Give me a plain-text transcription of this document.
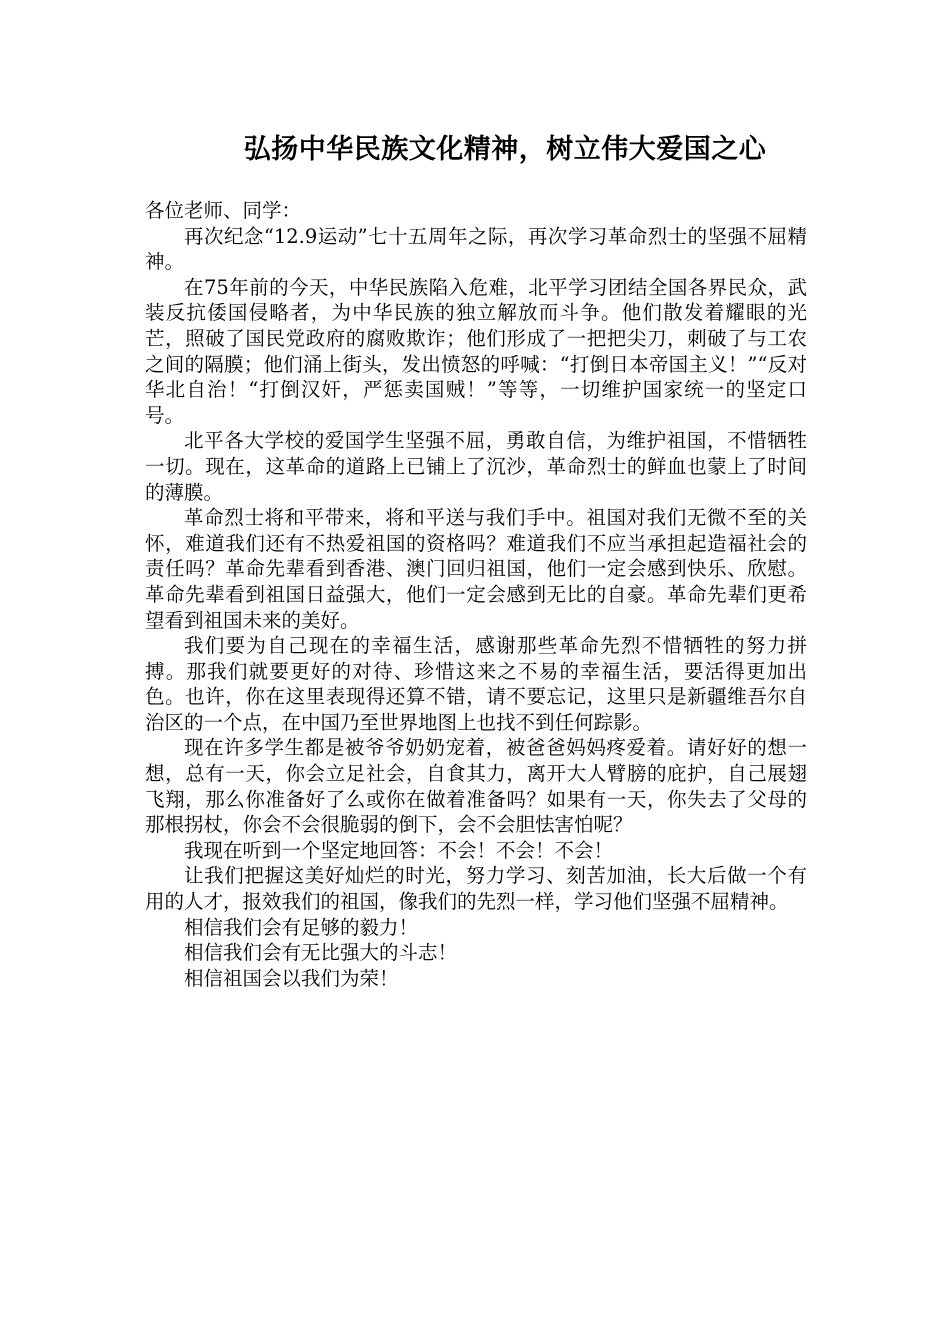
弘扬中华民族文化精神，树立伟大爱国之心

各位老师、同学：

再次纪念“12.9运动”七十五周年之际，再次学习革命烈士的坚强不屈精神。

在75年前的今天，中华民族陷入危难，北平学习团结全国各界民众，武装反抗倭国侵略者，为中华民族的独立解放而斗争。他们散发着耀眼的光芒，照破了国民党政府的腐败欺诈；他们形成了一把把尖刀，刺破了与工农之间的隔膜；他们涌上街头，发出愤怒的呼喊：“打倒日本帝国主义！”“反对华北自治！“打倒汉奸，严惩卖国贼！”等等，一切维护国家统一的坚定口号。

北平各大学校的爱国学生坚强不屈，勇敢自信，为维护祖国，不惜牺牲一切。现在，这革命的道路上已铺上了沉沙，革命烈士的鲜血也蒙上了时间的薄膜。

革命烈士将和平带来，将和平送与我们手中。祖国对我们无微不至的关怀，难道我们还有不热爱祖国的资格吗？难道我们不应当承担起造福社会的责任吗？革命先辈看到香港、澳门回归祖国，他们一定会感到快乐、欣慰。革命先辈看到祖国日益强大，他们一定会感到无比的自豪。革命先辈们更希望看到祖国未来的美好。

我们要为自己现在的幸福生活，感谢那些革命先烈不惜牺牲的努力拼搏。那我们就要更好的对待、珍惜这来之不易的幸福生活，要活得更加出色。也许，你在这里表现得还算不错，请不要忘记，这里只是新疆维吾尔自治区的一个点，在中国乃至世界地图上也找不到任何踪影。

现在许多学生都是被爷爷奶奶宠着，被爸爸妈妈疼爱着。请好好的想一想，总有一天，你会立足社会，自食其力，离开大人臂膀的庇护，自己展翅飞翔，那么你准备好了么或你在做着准备吗？如果有一天，你失去了父母的那根拐杖，你会不会很脆弱的倒下，会不会胆怯害怕呢？

我现在听到一个坚定地回答：不会！不会！不会！

让我们把握这美好灿烂的时光，努力学习、刻苦加油，长大后做一个有用的人才，报效我们的祖国，像我们的先烈一样，学习他们坚强不屈精神。

相信我们会有足够的毅力！

相信我们会有无比强大的斗志！

相信祖国会以我们为荣！
